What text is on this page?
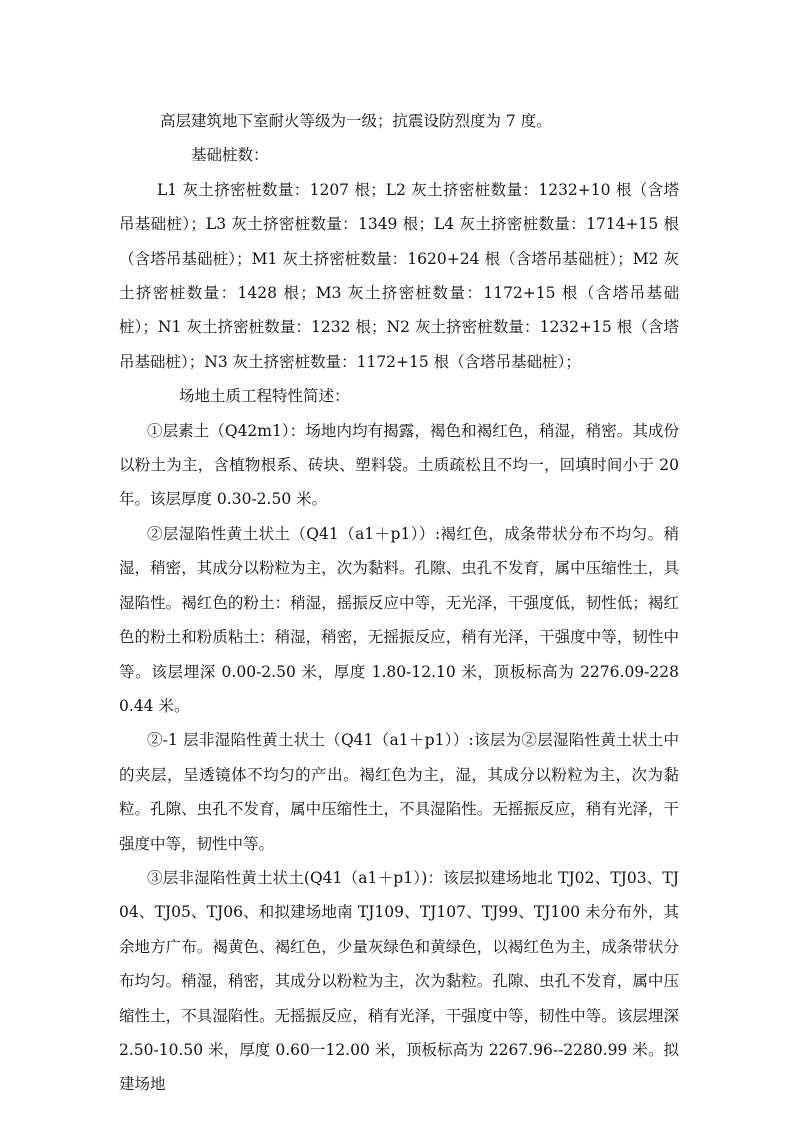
高层建筑地下室耐火等级为一级；抗震设防烈度为 7 度。

基础桩数：

L1 灰土挤密桩数量：1207 根；L2 灰土挤密桩数量：1232+10 根（含塔吊基础桩）；L3 灰土挤密桩数量：1349 根；L4 灰土挤密桩数量：1714+15 根（含塔吊基础桩）；M1 灰土挤密桩数量：1620+24 根（含塔吊基础桩）；M2 灰土挤密桩数量：1428 根；M3 灰土挤密桩数量：1172+15 根（含塔吊基础桩）；N1 灰土挤密桩数量：1232 根；N2 灰土挤密桩数量：1232+15 根（含塔吊基础桩）；N3 灰土挤密桩数量：1172+15 根（含塔吊基础桩）；

场地土质工程特性简述：

①层素土（Q42m1）：场地内均有揭露，褐色和褐红色，稍湿，稍密。其成份以粉土为主，含植物根系、砖块、塑料袋。土质疏松且不均一，回填时间小于 20 年。该层厚度 0.30-2.50 米。

②层湿陷性黄土状土（Q41（a1＋p1））:褐红色，成条带状分布不均匀。稍湿，稍密，其成分以粉粒为主，次为黏料。孔隙、虫孔不发育，属中压缩性土，具湿陷性。褐红色的粉土：稍湿，摇振反应中等，无光泽，干强度低，韧性低；褐红色的粉土和粉质粘土：稍湿，稍密，无摇振反应，稍有光泽，干强度中等，韧性中等。该层埋深 0.00-2.50 米，厚度 1.80-12.10 米，顶板标高为 2276.09-2280.44 米。

②-1 层非湿陷性黄土状土（Q41（a1＋p1））:该层为②层湿陷性黄土状土中的夹层，呈透镜体不均匀的产出。褐红色为主，湿，其成分以粉粒为主，次为黏粒。孔隙、虫孔不发育，属中压缩性土，不具湿陷性。无摇振反应，稍有光泽，干强度中等，韧性中等。

③层非湿陷性黄土状土(Q41（a1＋p1）)：该层拟建场地北 TJ02、TJ03、TJ04、TJ05、TJ06、和拟建场地南 TJ109、TJ107、TJ99、TJ100 未分布外，其余地方广布。褐黄色、褐红色，少量灰绿色和黄绿色，以褐红色为主，成条带状分布均匀。稍湿，稍密，其成分以粉粒为主，次为黏粒。孔隙、虫孔不发育，属中压缩性土，不具湿陷性。无摇振反应，稍有光泽，干强度中等，韧性中等。该层埋深 2.50-10.50 米，厚度 0.60一12.00 米，顶板标高为 2267.96--2280.99 米。拟建场地
